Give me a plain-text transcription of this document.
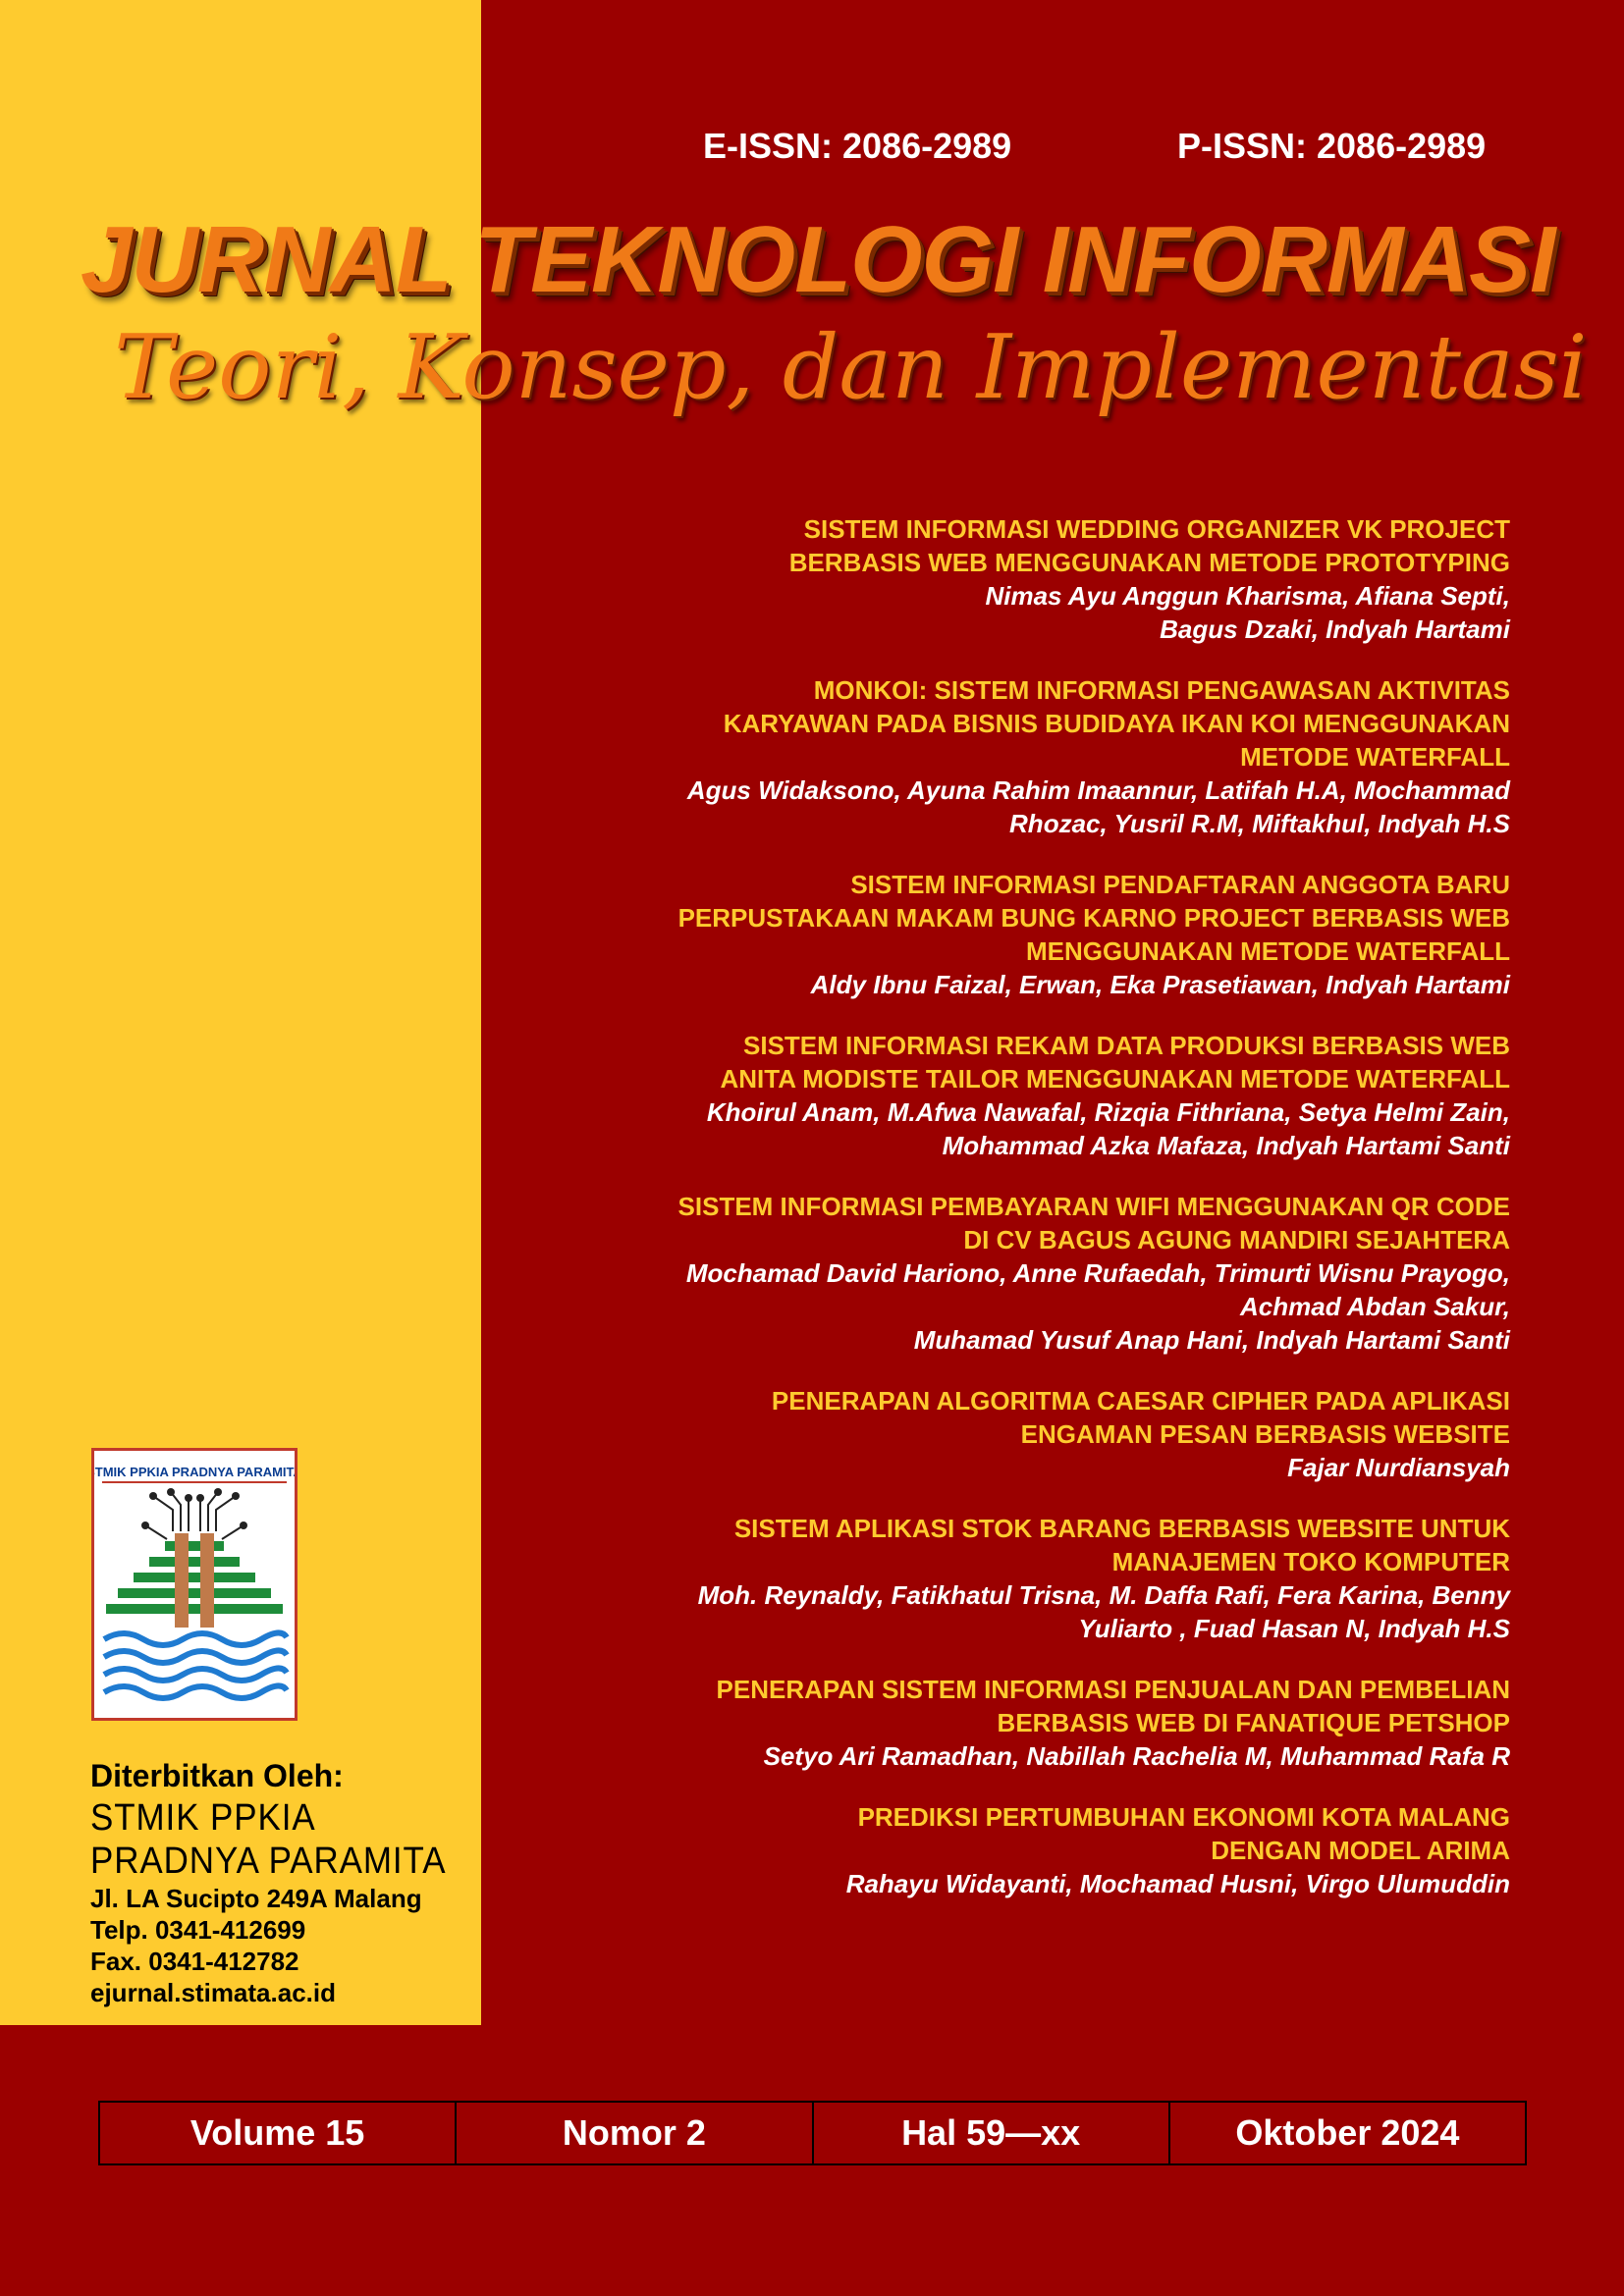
E-ISSN: 2086-2989	P-ISSN: 2086-2989
JURNAL TEKNOLOGI INFORMASI
Teori, Konsep, dan Implementasi
SISTEM INFORMASI WEDDING ORGANIZER VK PROJECT
BERBASIS WEB MENGGUNAKAN METODE PROTOTYPING
Nimas Ayu Anggun Kharisma, Afiana Septi,
Bagus Dzaki, Indyah Hartami
MONKOI: SISTEM INFORMASI PENGAWASAN AKTIVITAS
KARYAWAN PADA BISNIS BUDIDAYA IKAN KOI MENGGUNAKAN
METODE WATERFALL
Agus Widaksono, Ayuna Rahim Imaannur, Latifah H.A, Mochammad
Rhozac, Yusril R.M, Miftakhul, Indyah H.S
SISTEM INFORMASI PENDAFTARAN ANGGOTA BARU
PERPUSTAKAAN MAKAM BUNG KARNO PROJECT BERBASIS WEB
MENGGUNAKAN METODE WATERFALL
Aldy Ibnu Faizal, Erwan, Eka Prasetiawan, Indyah Hartami
SISTEM INFORMASI REKAM DATA PRODUKSI BERBASIS WEB
ANITA MODISTE TAILOR MENGGUNAKAN METODE WATERFALL
Khoirul Anam, M.Afwa Nawafal, Rizqia Fithriana, Setya Helmi Zain,
Mohammad Azka Mafaza, Indyah Hartami Santi
SISTEM INFORMASI PEMBAYARAN WIFI MENGGUNAKAN QR CODE
DI CV BAGUS AGUNG MANDIRI SEJAHTERA
Mochamad David Hariono, Anne Rufaedah, Trimurti Wisnu Prayogo,
Achmad Abdan Sakur,
Muhamad Yusuf Anap Hani, Indyah Hartami Santi
PENERAPAN ALGORITMA CAESAR CIPHER PADA APLIKASI
ENGAMAN PESAN BERBASIS WEBSITE
Fajar Nurdiansyah
SISTEM APLIKASI STOK BARANG BERBASIS WEBSITE UNTUK
MANAJEMEN TOKO KOMPUTER
Moh. Reynaldy, Fatikhatul Trisna, M. Daffa Rafi, Fera Karina, Benny
Yuliarto , Fuad Hasan N, Indyah H.S
PENERAPAN SISTEM INFORMASI PENJUALAN DAN PEMBELIAN
BERBASIS WEB DI FANATIQUE PETSHOP
Setyo Ari Ramadhan, Nabillah Rachelia M, Muhammad Rafa R
PREDIKSI PERTUMBUHAN EKONOMI KOTA MALANG
DENGAN MODEL ARIMA
Rahayu Widayanti, Mochamad Husni, Virgo Ulumuddin
STMIK PPKIA PRADNYA PARAMITA
Diterbitkan Oleh:
STMIK PPKIA
PRADNYA PARAMITA
Jl. LA Sucipto 249A Malang
Telp. 0341-412699
Fax. 0341-412782
ejurnal.stimata.ac.id
Volume 15	Nomor 2	Hal 59—xx	Oktober 2024
